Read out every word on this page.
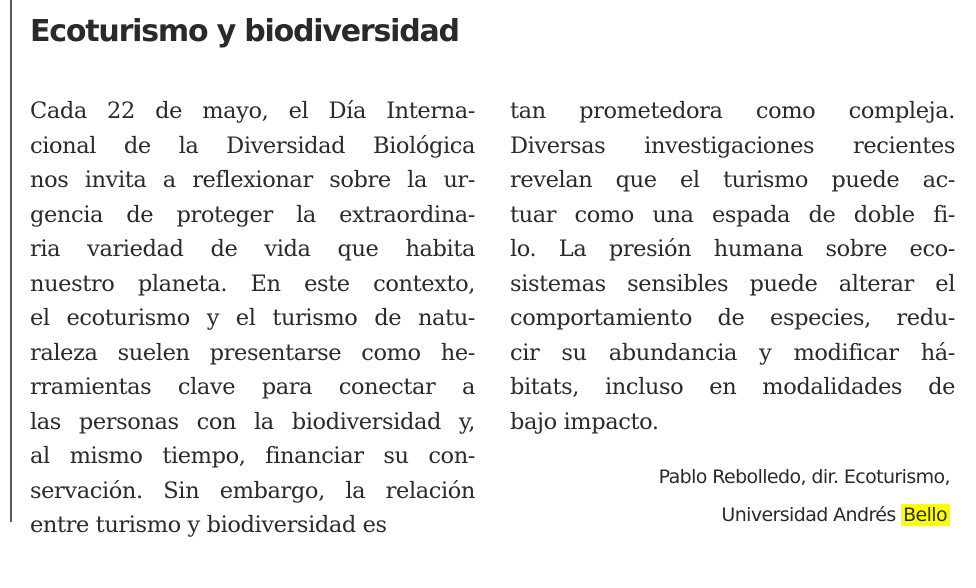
Ecoturismo y biodiversidad
Cada 22 de mayo, el Día Interna-
cional de la Diversidad Biológica
nos invita a reflexionar sobre la ur-
gencia de proteger la extraordina-
ria variedad de vida que habita
nuestro planeta. En este contexto,
el ecoturismo y el turismo de natu-
raleza suelen presentarse como he-
rramientas clave para conectar a
las personas con la biodiversidad y,
al mismo tiempo, financiar su con-
servación. Sin embargo, la relación
entre turismo y biodiversidad es
tan prometedora como compleja.
Diversas investigaciones recientes
revelan que el turismo puede ac-
tuar como una espada de doble fi-
lo. La presión humana sobre eco-
sistemas sensibles puede alterar el
comportamiento de especies, redu-
cir su abundancia y modificar há-
bitats, incluso en modalidades de
bajo impacto.
Pablo Rebolledo, dir. Ecoturismo,
Universidad Andrés Bello
